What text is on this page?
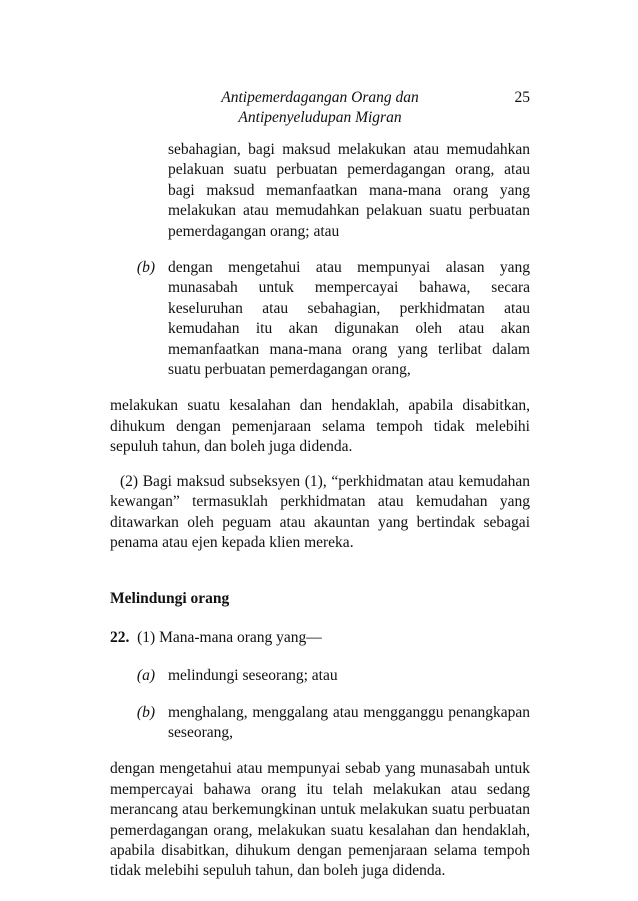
Antipemerdagangan Orang dan
Antipenyeludupan Migran
25

sebahagian, bagi maksud melakukan atau memudahkan pelakuan suatu perbuatan pemerdagangan orang, atau bagi maksud memanfaatkan mana-mana orang yang melakukan atau memudahkan pelakuan suatu perbuatan pemerdagangan orang; atau

(b) dengan mengetahui atau mempunyai alasan yang munasabah untuk mempercayai bahawa, secara keseluruhan atau sebahagian, perkhidmatan atau kemudahan itu akan digunakan oleh atau akan memanfaatkan mana-mana orang yang terlibat dalam suatu perbuatan pemerdagangan orang,

melakukan suatu kesalahan dan hendaklah, apabila disabitkan, dihukum dengan pemenjaraan selama tempoh tidak melebihi sepuluh tahun, dan boleh juga didenda.

(2) Bagi maksud subseksyen (1), “perkhidmatan atau kemudahan kewangan” termasuklah perkhidmatan atau kemudahan yang ditawarkan oleh peguam atau akauntan yang bertindak sebagai penama atau ejen kepada klien mereka.

Melindungi orang

22. (1) Mana-mana orang yang—

(a) melindungi seseorang; atau

(b) menghalang, menggalang atau mengganggu penangkapan seseorang,

dengan mengetahui atau mempunyai sebab yang munasabah untuk mempercayai bahawa orang itu telah melakukan atau sedang merancang atau berkemungkinan untuk melakukan suatu perbuatan pemerdagangan orang, melakukan suatu kesalahan dan hendaklah, apabila disabitkan, dihukum dengan pemenjaraan selama tempoh tidak melebihi sepuluh tahun, dan boleh juga didenda.
